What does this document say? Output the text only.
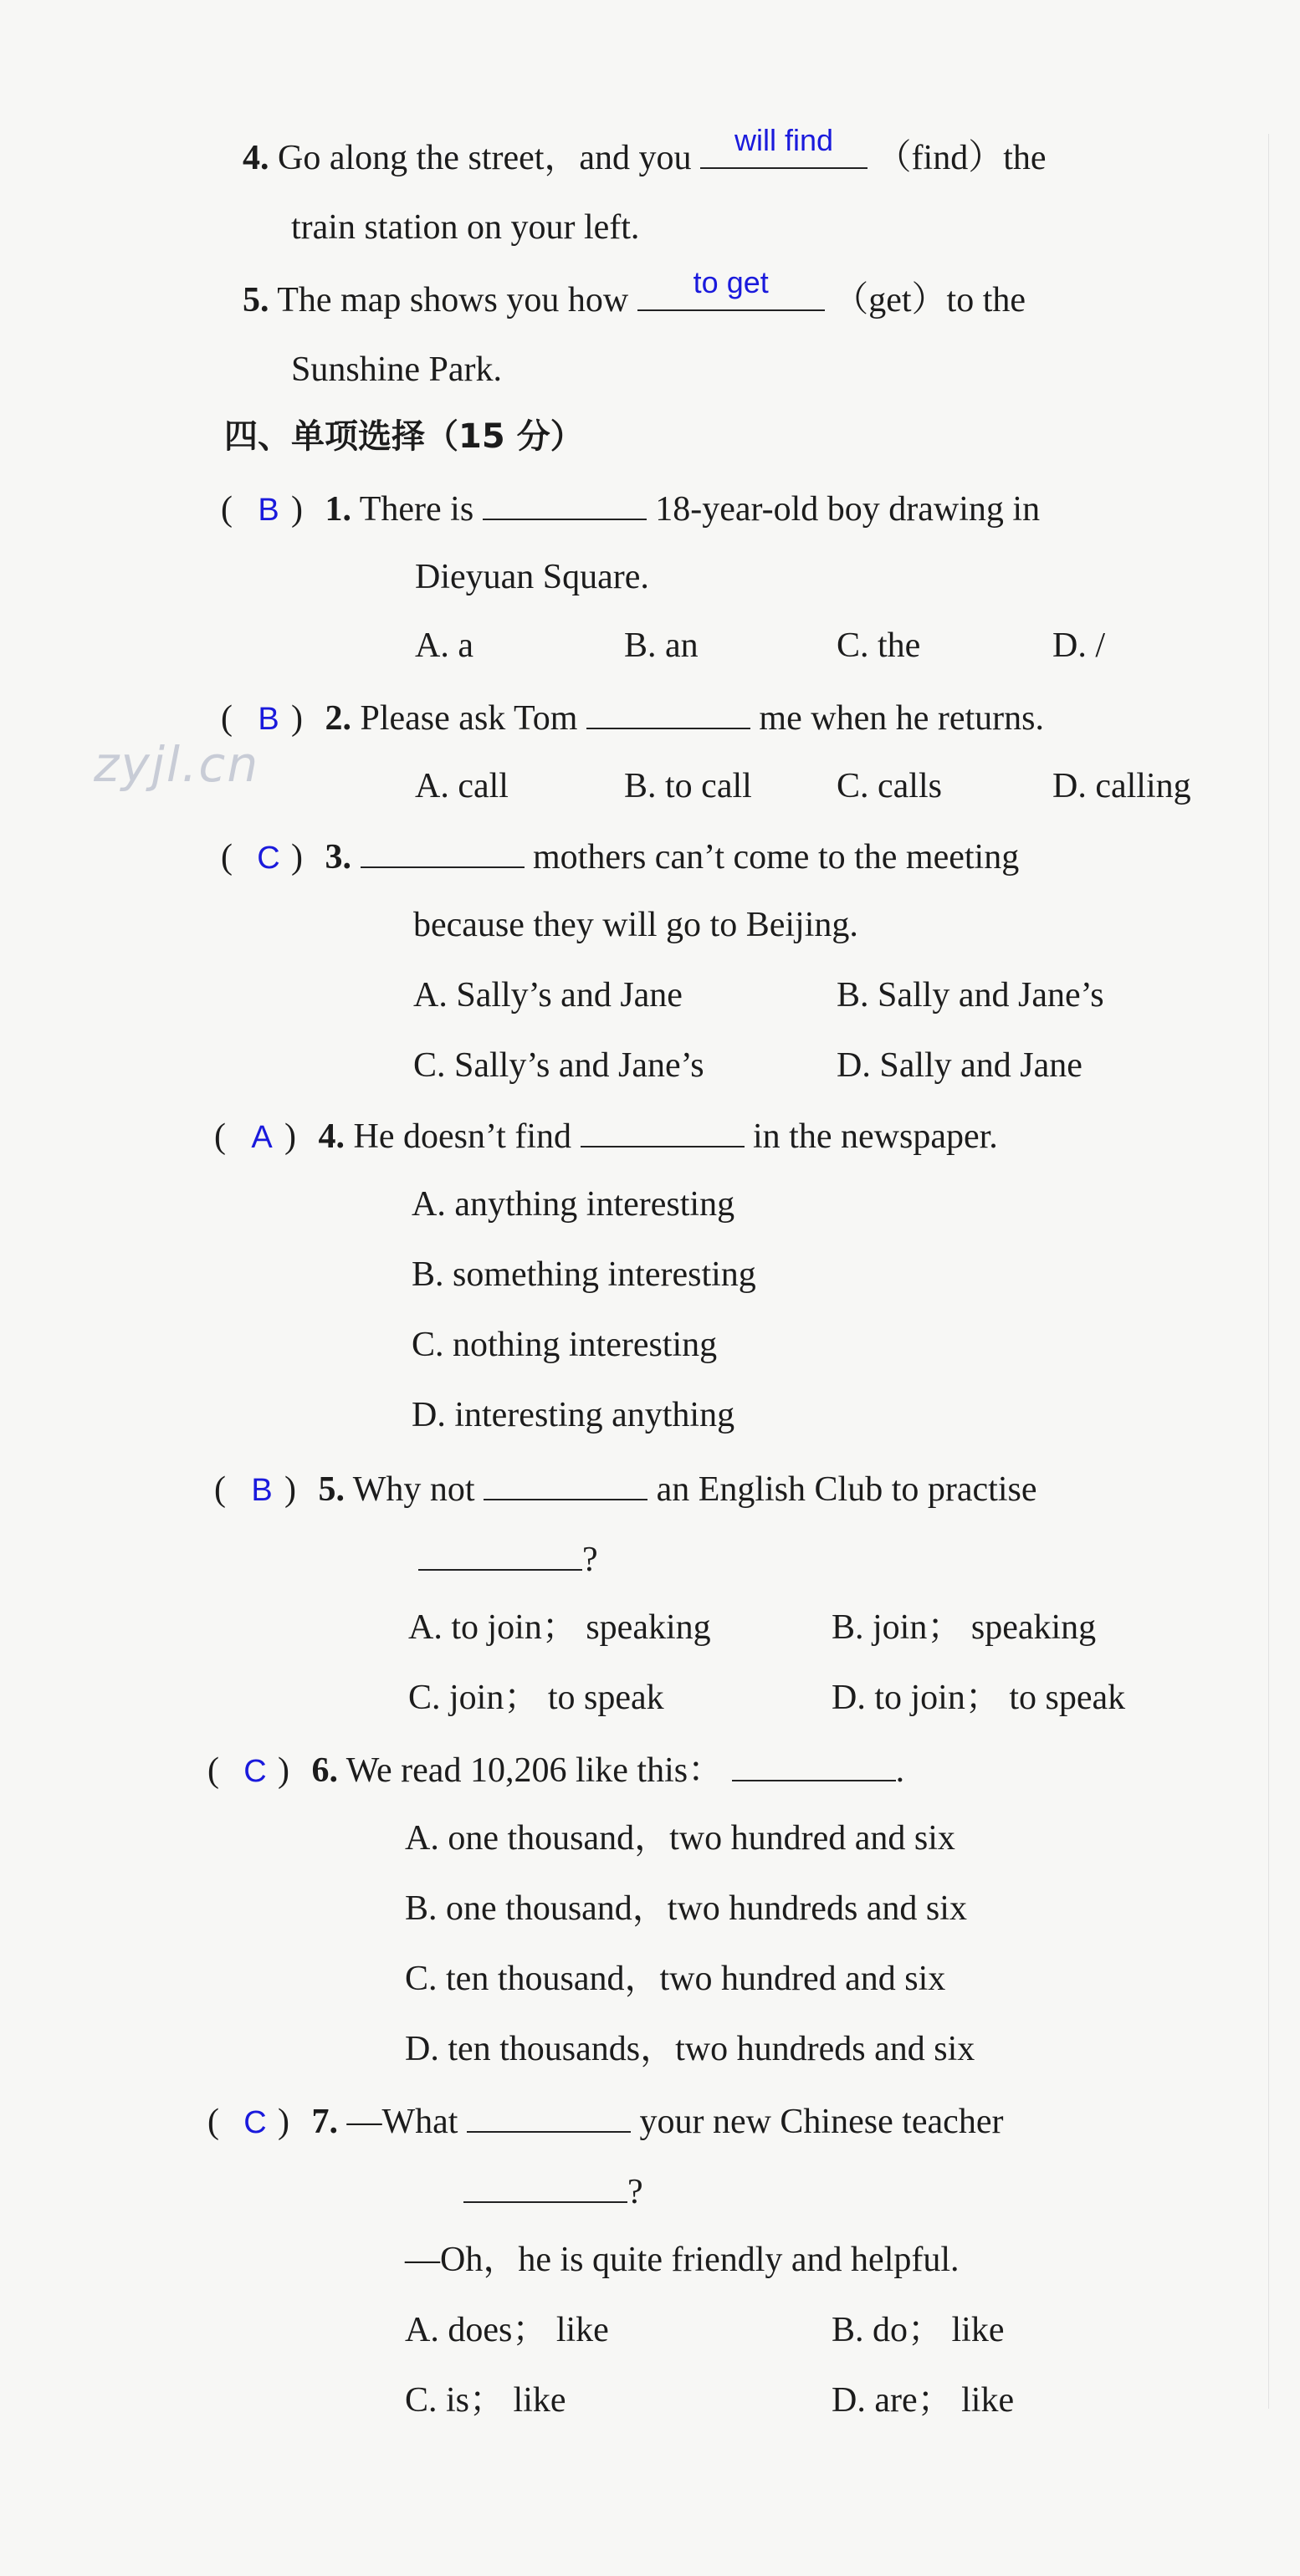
zyjl.cn
4. Go along the street，and you	will find	（find）the
train station on your left.
5. The map shows you how	to get	（get）to the
Sunshine Park.
四、单项选择（15 分）
( B ) 1. There is	18-year-old boy drawing in
Dieyuan Square.
A. a	B. an	C. the	D. /
( B ) 2. Please ask Tom	me when he returns.
A. call	B. to call C. calls	D. calling
( C ) 3.	mothers can’t come to the meeting
because they will go to Beijing.
A. Sally’s and Jane	B. Sally and Jane’s
C. Sally’s and Jane’s	D. Sally and Jane
( A ) 4. He doesn’t find	in the newspaper.
A. anything interesting
B. something interesting
C. nothing interesting
D. interesting anything
( B ) 5. Why not	an English Club to practise
?
A. to join； speaking	B. join； speaking
C. join； to speak	D. to join； to speak
( C ) 6. We read 10,206 like this：	.
A. one thousand，two hundred and six
B. one thousand，two hundreds and six
C. ten thousand，two hundred and six
D. ten thousands，two hundreds and six
( C ) 7. —What	your new Chinese teacher
?
—Oh，he is quite friendly and helpful.
A. does； like	B. do； like
C. is； like	D. are； like
